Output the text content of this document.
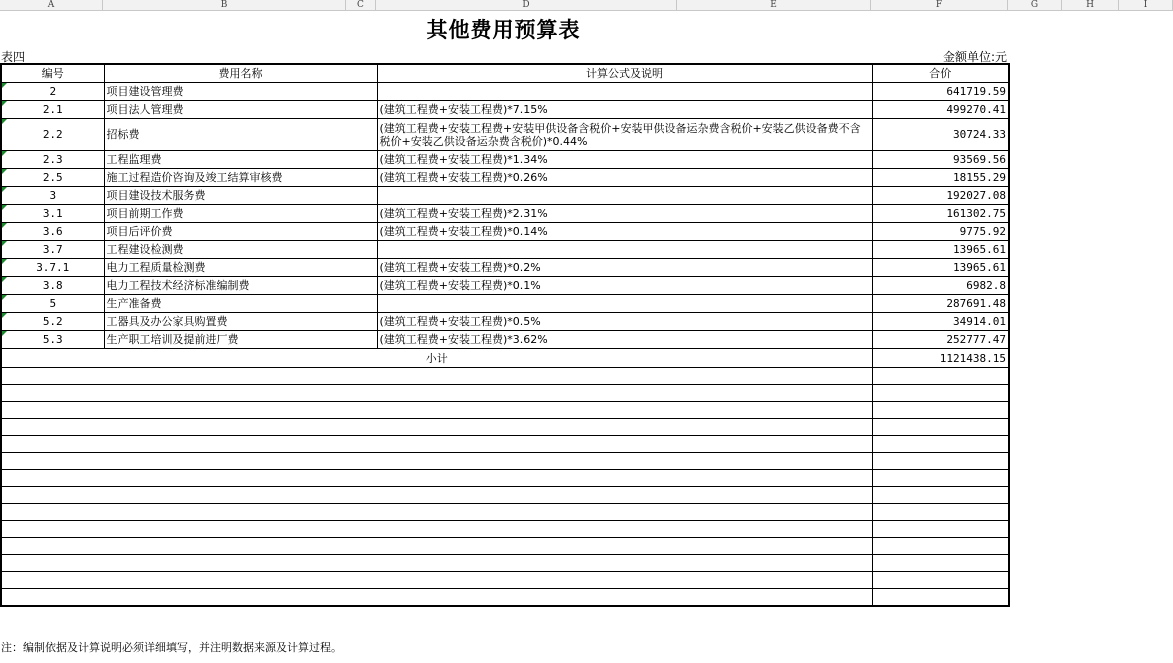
A	B	C	D	E	F	G	H	I
其他费用预算表
表四	金额单位:元
编号	费用名称	计算公式及说明	合价
2	项目建设管理费		641719.59
2.1	项目法人管理费	(建筑工程费+安装工程费)*7.15%	499270.41
2.2	招标费	(建筑工程费+安装工程费+安装甲供设备含税价+安装甲供设备运杂费含税价+安装乙供设备费不含税价+安装乙供设备运杂费含税价)*0.44%	30724.33
2.3	工程监理费	(建筑工程费+安装工程费)*1.34%	93569.56
2.5	施工过程造价咨询及竣工结算审核费	(建筑工程费+安装工程费)*0.26%	18155.29
3	项目建设技术服务费		192027.08
3.1	项目前期工作费	(建筑工程费+安装工程费)*2.31%	161302.75
3.6	项目后评价费	(建筑工程费+安装工程费)*0.14%	9775.92
3.7	工程建设检测费		13965.61
3.7.1	电力工程质量检测费	(建筑工程费+安装工程费)*0.2%	13965.61
3.8	电力工程技术经济标准编制费	(建筑工程费+安装工程费)*0.1%	6982.8
5	生产准备费		287691.48
5.2	工器具及办公家具购置费	(建筑工程费+安装工程费)*0.5%	34914.01
5.3	生产职工培训及提前进厂费	(建筑工程费+安装工程费)*3.62%	252777.47
小计			1121438.15

注：编制依据及计算说明必须详细填写，并注明数据来源及计算过程。
